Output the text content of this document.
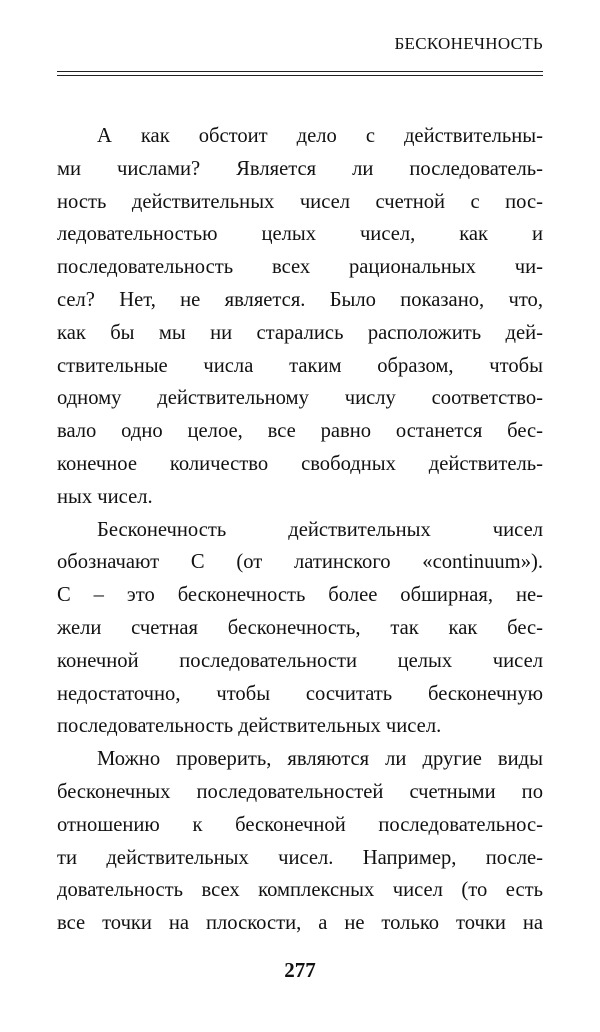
БЕСКОНЕЧНОСТЬ
А как обстоит дело с действительны-
ми числами? Является ли последователь-
ность действительных чисел счетной с пос-
ледовательностью целых чисел, как и
последовательность всех рациональных чи-
сел? Нет, не является. Было показано, что,
как бы мы ни старались расположить дей-
ствительные числа таким образом, чтобы
одному действительному числу соответство-
вало одно целое, все равно останется бес-
конечное количество свободных действитель-
ных чисел.
Бесконечность действительных чисел
обозначают С (от латинского «continuum»).
С – это бесконечность более обширная, не-
жели счетная бесконечность, так как бес-
конечной последовательности целых чисел
недостаточно, чтобы сосчитать бесконечную
последовательность действительных чисел.
Можно проверить, являются ли другие виды
бесконечных последовательностей счетными по
отношению к бесконечной последовательнос-
ти действительных чисел. Например, после-
довательность всех комплексных чисел (то есть
все точки на плоскости, а не только точки на
277
